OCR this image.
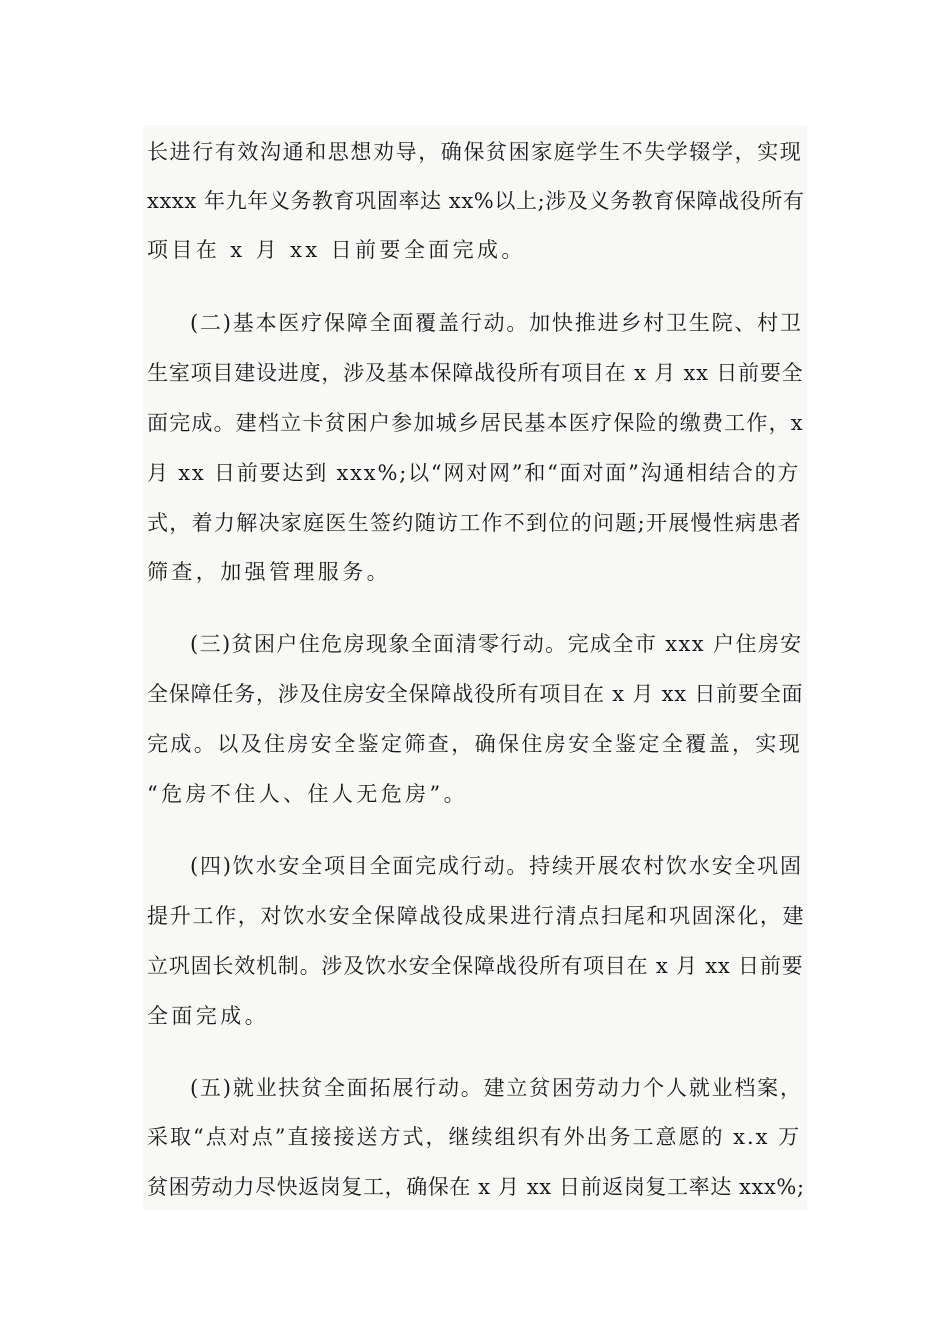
长进行有效沟通和思想劝导，确保贫困家庭学生不失学辍学，实现
xxxx 年九年义务教育巩固率达 xx%以上;涉及义务教育保障战役所有
项目在 x 月 xx 日前要全面完成。
(二)基本医疗保障全面覆盖行动。加快推进乡村卫生院、村卫
生室项目建设进度，涉及基本保障战役所有项目在 x 月 xx 日前要全
面完成。建档立卡贫困户参加城乡居民基本医疗保险的缴费工作，x
月 xx 日前要达到 xxx%;以“网对网”和“面对面”沟通相结合的方
式，着力解决家庭医生签约随访工作不到位的问题;开展慢性病患者
筛查，加强管理服务。
(三)贫困户住危房现象全面清零行动。完成全市 xxx 户住房安
全保障任务，涉及住房安全保障战役所有项目在 x 月 xx 日前要全面
完成。以及住房安全鉴定筛查，确保住房安全鉴定全覆盖，实现
“危房不住人、住人无危房”。
(四)饮水安全项目全面完成行动。持续开展农村饮水安全巩固
提升工作，对饮水安全保障战役成果进行清点扫尾和巩固深化，建
立巩固长效机制。涉及饮水安全保障战役所有项目在 x 月 xx 日前要
全面完成。
(五)就业扶贫全面拓展行动。建立贫困劳动力个人就业档案，
采取“点对点”直接接送方式，继续组织有外出务工意愿的 x.x 万
贫困劳动力尽快返岗复工，确保在 x 月 xx 日前返岗复工率达 xxx%;
